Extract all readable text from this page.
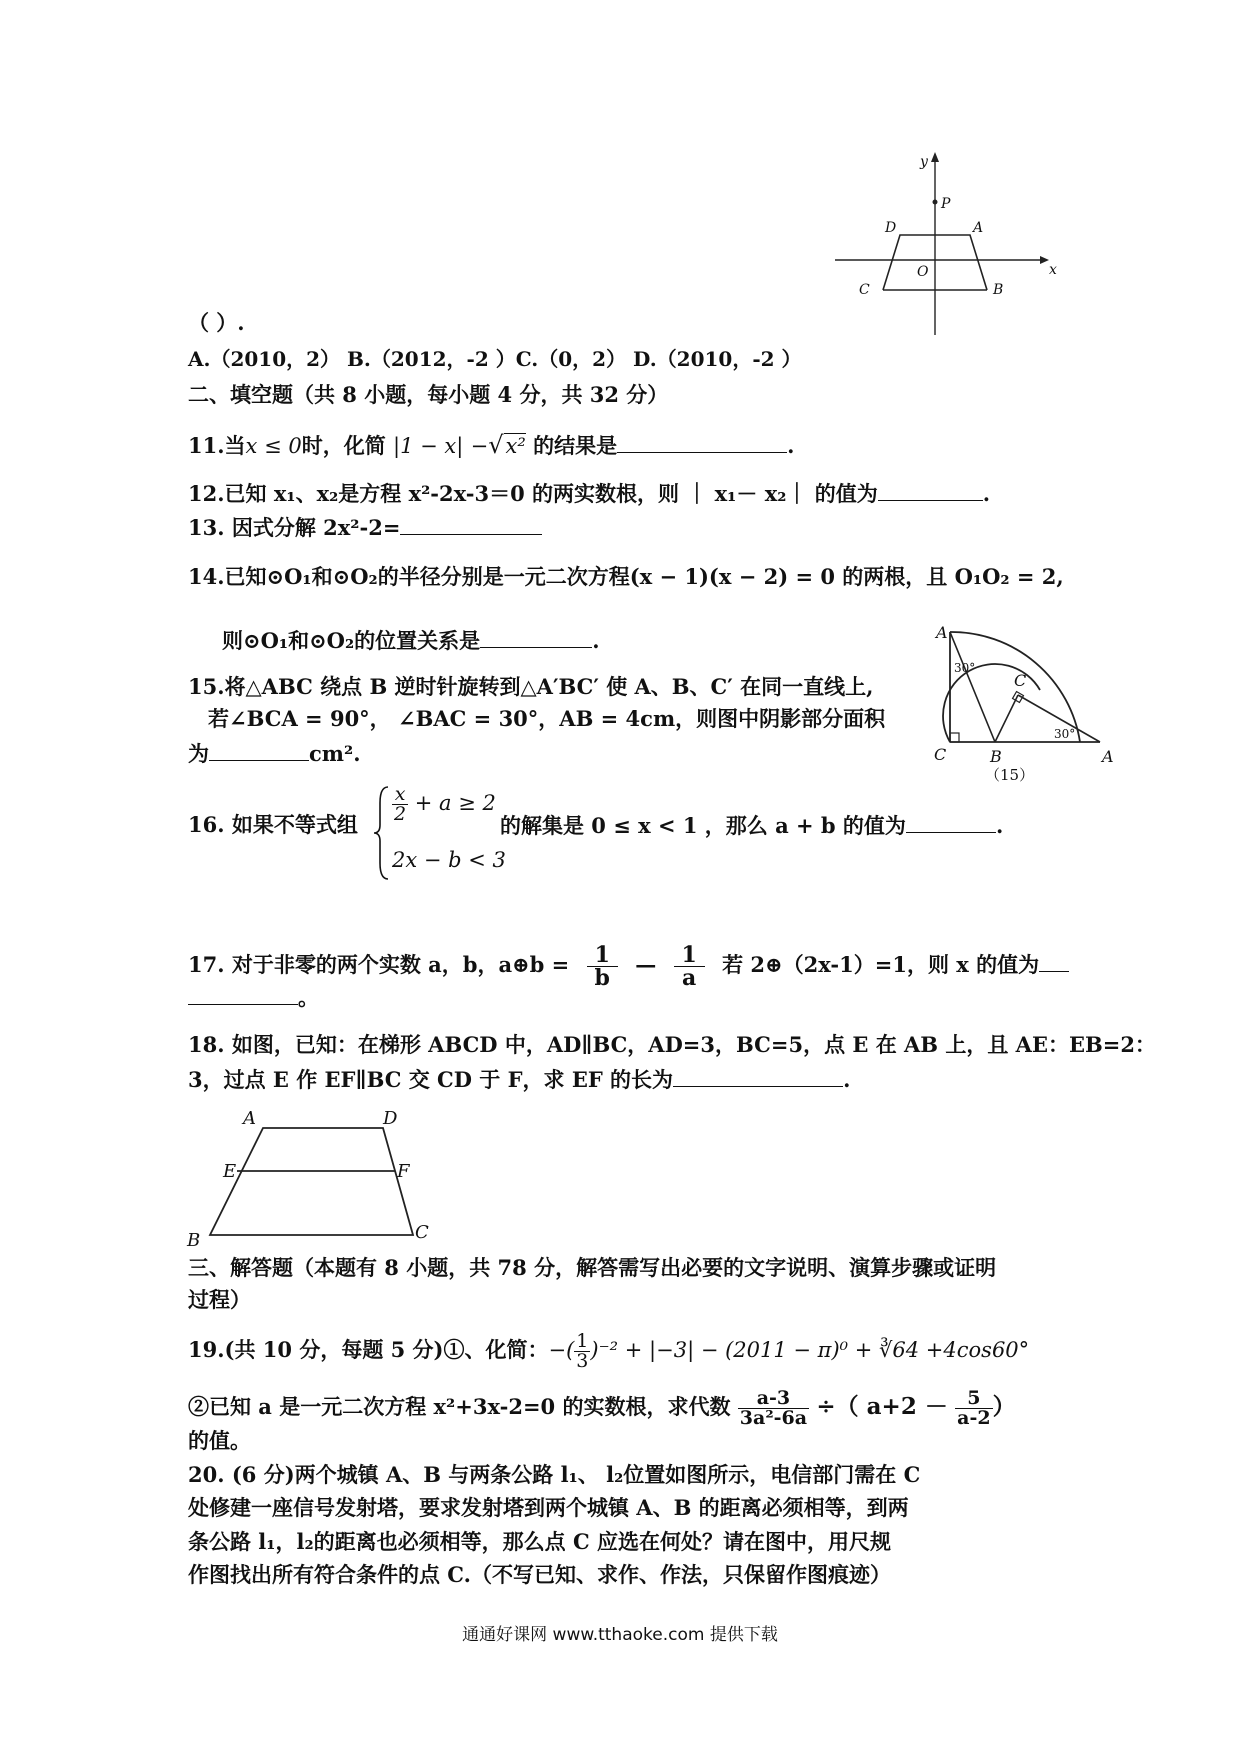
y
x
P
D	A
O
C	B
（ ）.
A.（2010，2） B.（2012，-2 ）C.（0，2） D.（2010，-2 ）
二、填空题（共 8 小题，每小题 4 分，共 32 分）
11.当x ≤ 0时，化简 |1 − x| −√x² 的结果是	.
12.已知 x₁、x₂是方程 x²-2x-3＝0 的两实数根，则 ｜ x₁－ x₂｜ 的值为	.
13. 因式分解 2x²-2=
14.已知⊙O₁和⊙O₂的半径分别是一元二次方程(x − 1)(x − 2) = 0 的两根，且 O₁O₂ = 2,
则⊙O₁和⊙O₂的位置关系是	.	A
30°
C
C
30°
B	A
（15）
15.将△ABC 绕点 B 逆时针旋转到△A′BC′ 使 A、B、C′ 在同一直线上,
若∠BCA = 90°， ∠BAC = 30°，AB = 4cm，则图中阴影部分面积
为	cm².
16. 如果不等式组
$\frac{x}{2} + a \ge 2$
2x − b < 3
的解集是 0 ≤ x < 1 ，那么 a + b 的值为	.
17. 对于非零的两个实数 a，b，a⊕b = $\frac{1}{b}$ — $\frac{1}{a}$ 若 2⊕（2x-1）=1，则 x 的值为
。
18. 如图，已知：在梯形 ABCD 中，AD∥BC，AD=3，BC=5，点 E 在 AB 上，且 AE：EB=2：
3，过点 E 作 EF∥BC 交 CD 于 F，求 EF 的长为	.
A	D
E	F
B	C
三、解答题（本题有 8 小题，共 78 分，解答需写出必要的文字说明、演算步骤或证明
过程）
19.(共 10 分，每题 5 分)①、化简：−( $\frac{1}{3} )^{-2} + |-3| - (2011 - \pi)^0$ + ∛64 +4cos60°
②已知 a 是一元二次方程 x²+3x-2=0 的实数根，求代数 $\frac{a-3}{\text{3a²-6a}}$ ÷（ $a+2 - \frac{5}{a-2}$ ）
的值。
20. (6 分)两个城镇 A、B 与两条公路 l₁、 l₂位置如图所示，电信部门需在 C
处修建一座信号发射塔，要求发射塔到两个城镇 A、B 的距离必须相等，到两
条公路 l₁，l₂的距离也必须相等，那么点 C 应选在何处？请在图中，用尺规
作图找出所有符合条件的点 C.（不写已知、求作、作法，只保留作图痕迹）
通通好课网 www.tthaoke.com 提供下载
